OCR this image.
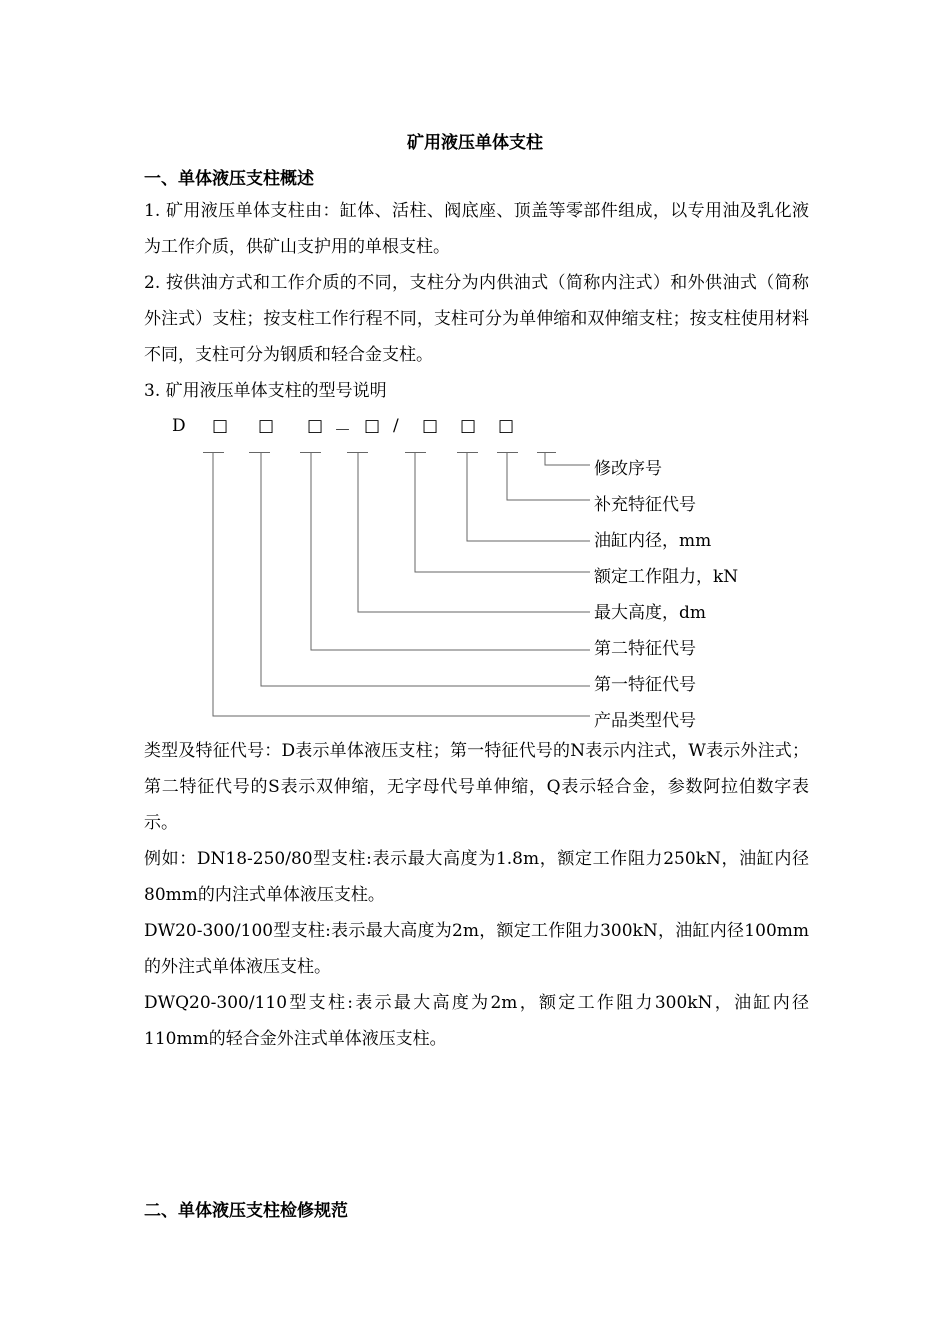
矿用液压单体支柱
一、单体液压支柱概述
1. 矿用液压单体支柱由：缸体、活柱、阀底座、顶盖等零部件组成，以专用油及乳化液为工作介质，供矿山支护用的单根支柱。
2. 按供油方式和工作介质的不同，支柱分为内供油式（简称内注式）和外供油式（简称外注式）支柱；按支柱工作行程不同，支柱可分为单伸缩和双伸缩支柱；按支柱使用材料不同，支柱可分为钢质和轻合金支柱。
3. 矿用液压单体支柱的型号说明
D □ □ □ － □ / □ □ □
修改序号
补充特征代号
油缸内径，mm
额定工作阻力，kN
最大高度，dm
第二特征代号
第一特征代号
产品类型代号
类型及特征代号：D表示单体液压支柱；第一特征代号的N表示内注式，W表示外注式；第二特征代号的S表示双伸缩，无字母代号单伸缩，Q表示轻合金，参数阿拉伯数字表示。
例如：DN18-250/80型支柱:表示最大高度为1.8m，额定工作阻力250kN，油缸内径80mm的内注式单体液压支柱。
DW20-300/100型支柱:表示最大高度为2m，额定工作阻力300kN，油缸内径100mm的外注式单体液压支柱。
DWQ20-300/110型支柱:表示最大高度为2m，额定工作阻力300kN，油缸内径110mm的轻合金外注式单体液压支柱。
二、单体液压支柱检修规范
